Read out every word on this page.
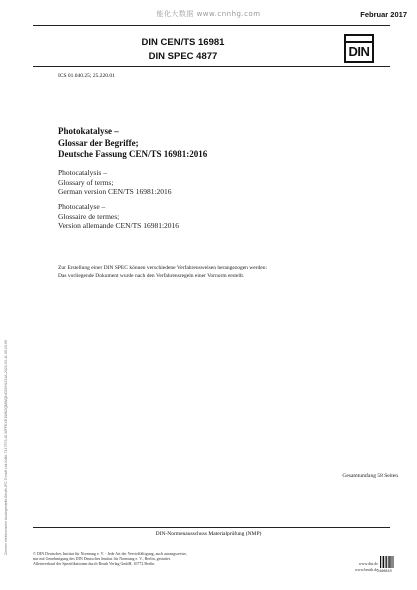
能化大数据 www.cnnhg.com	Februar 2017
DIN CEN/TS 16981
DIN SPEC 4877	DIN
ICS 01.040.25; 25.220.01
Photokatalyse –
Glossar der Begriffe;
Deutsche Fassung CEN/TS 16981:2016
Photocatalysis –
Glossary of terms;
German version CEN/TS 16981:2016
Photocatalyse –
Glossaire de termes;
Version allemande CEN/TS 16981:2016
Zur Erstellung einer DIN SPEC können verschiedene Verfahrensweisen herangezogen werden:
Das vorliegende Dokument wurde nach den Verfahrensregeln einer Vornorm erstellt.
Gesamtumfang 58 Seiten
DIN-Normenausschuss Materialprüfung (NMP)
© DIN Deutsches Institut für Normung e. V. · Jede Art der Vervielfältigung, auch auszugsweise,
nur mit Genehmigung des DIN Deutsches Institut für Normung e. V., Berlin, gestattet.
Alleinverkauf der Spezifikationen durch Beuth Verlag GmbH, 10772 Berlin	www.din.de
www.beuth.de 2406649
Ziemen elektronische Auslegestelle-Beuth-IFC GmbH Ltd-KdNr.7447573-ID.WFFEXE1WBZQMWQNOZ6Y6231A-2023-03-11 09:15:09
